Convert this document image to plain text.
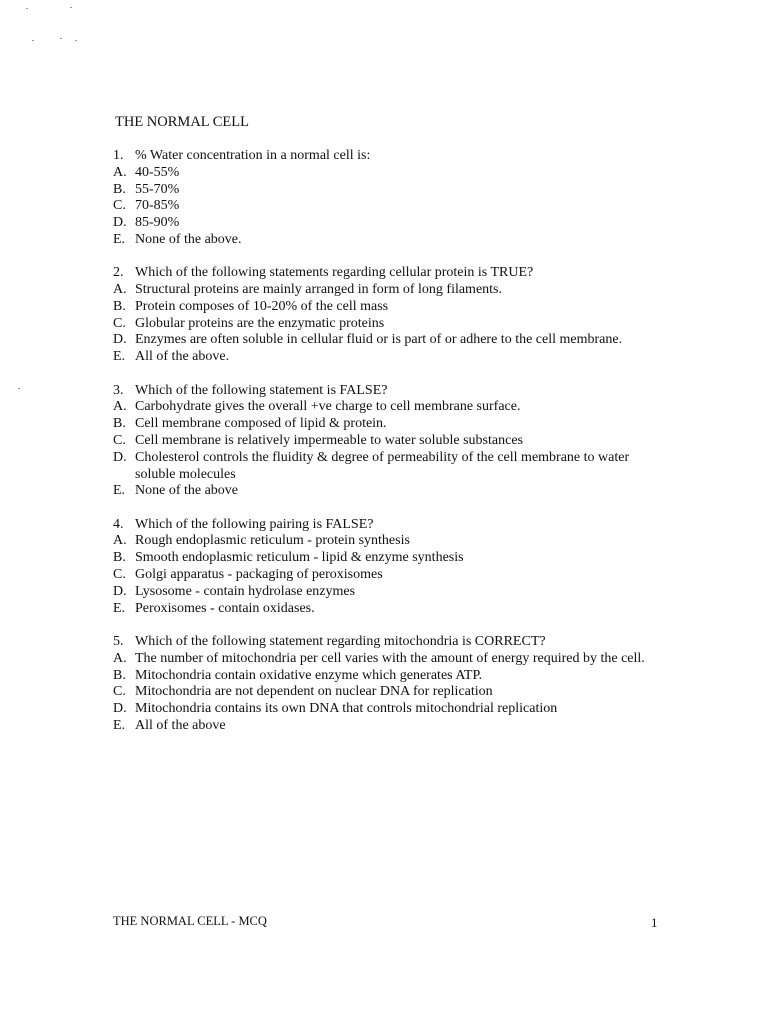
THE NORMAL CELL
1. % Water concentration in a normal cell is:
A. 40-55%
B. 55-70%
C. 70-85%
D. 85-90%
E. None of the above.
2. Which of the following statements regarding cellular protein is TRUE?
A. Structural proteins are mainly arranged in form of long filaments.
B. Protein composes of 10-20% of the cell mass
C. Globular proteins are the enzymatic proteins
D. Enzymes are often soluble in cellular fluid or is part of or adhere to the cell membrane.
E. All of the above.
3. Which of the following statement is FALSE?
A. Carbohydrate gives the overall +ve charge to cell membrane surface.
B. Cell membrane composed of lipid & protein.
C. Cell membrane is relatively impermeable to water soluble substances
D. Cholesterol controls the fluidity & degree of permeability of the cell membrane to water soluble molecules
E. None of the above
4. Which of the following pairing is FALSE?
A. Rough endoplasmic reticulum - protein synthesis
B. Smooth endoplasmic reticulum - lipid & enzyme synthesis
C. Golgi apparatus - packaging of peroxisomes
D. Lysosome - contain hydrolase enzymes
E. Peroxisomes - contain oxidases.
5. Which of the following statement regarding mitochondria is CORRECT?
A. The number of mitochondria per cell varies with the amount of energy required by the cell.
B. Mitochondria contain oxidative enzyme which generates ATP.
C. Mitochondria are not dependent on nuclear DNA for replication
D. Mitochondria contains its own DNA that controls mitochondrial replication
E. All of the above
THE NORMAL CELL - MCQ	1
